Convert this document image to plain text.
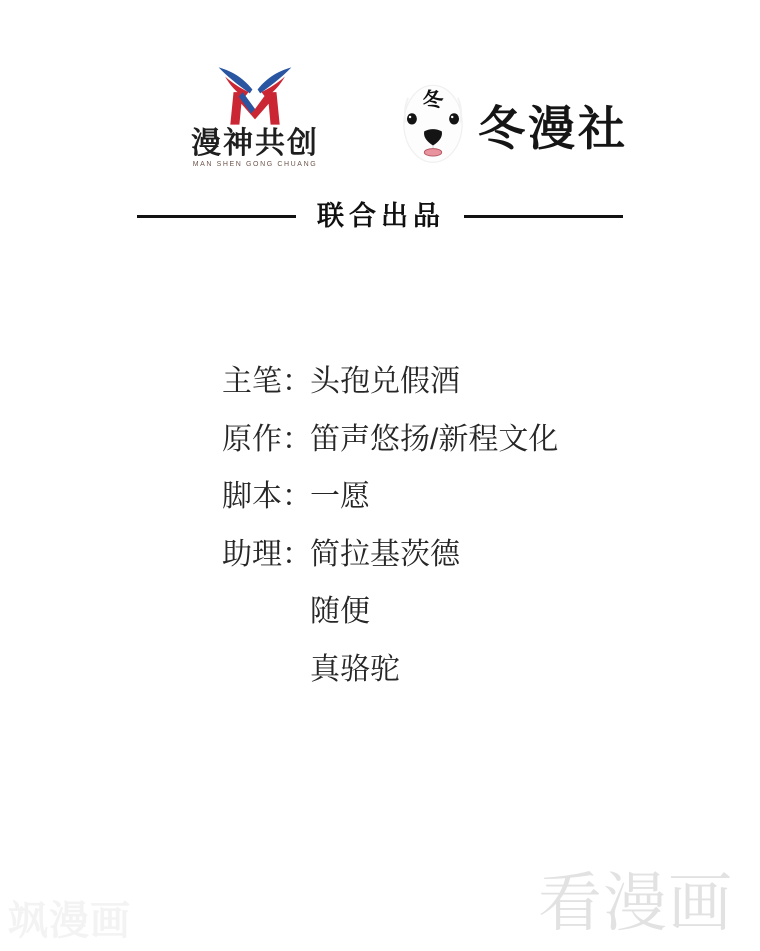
漫神共创
MAN SHEN GONG CHUANG
冬
冬漫社
联合出品
主笔：
头孢兑假酒
原作：
笛声悠扬/新程文化
脚本：
一愿
助理：
简拉基茨德
随便
真骆驼
飒漫画	看漫画
